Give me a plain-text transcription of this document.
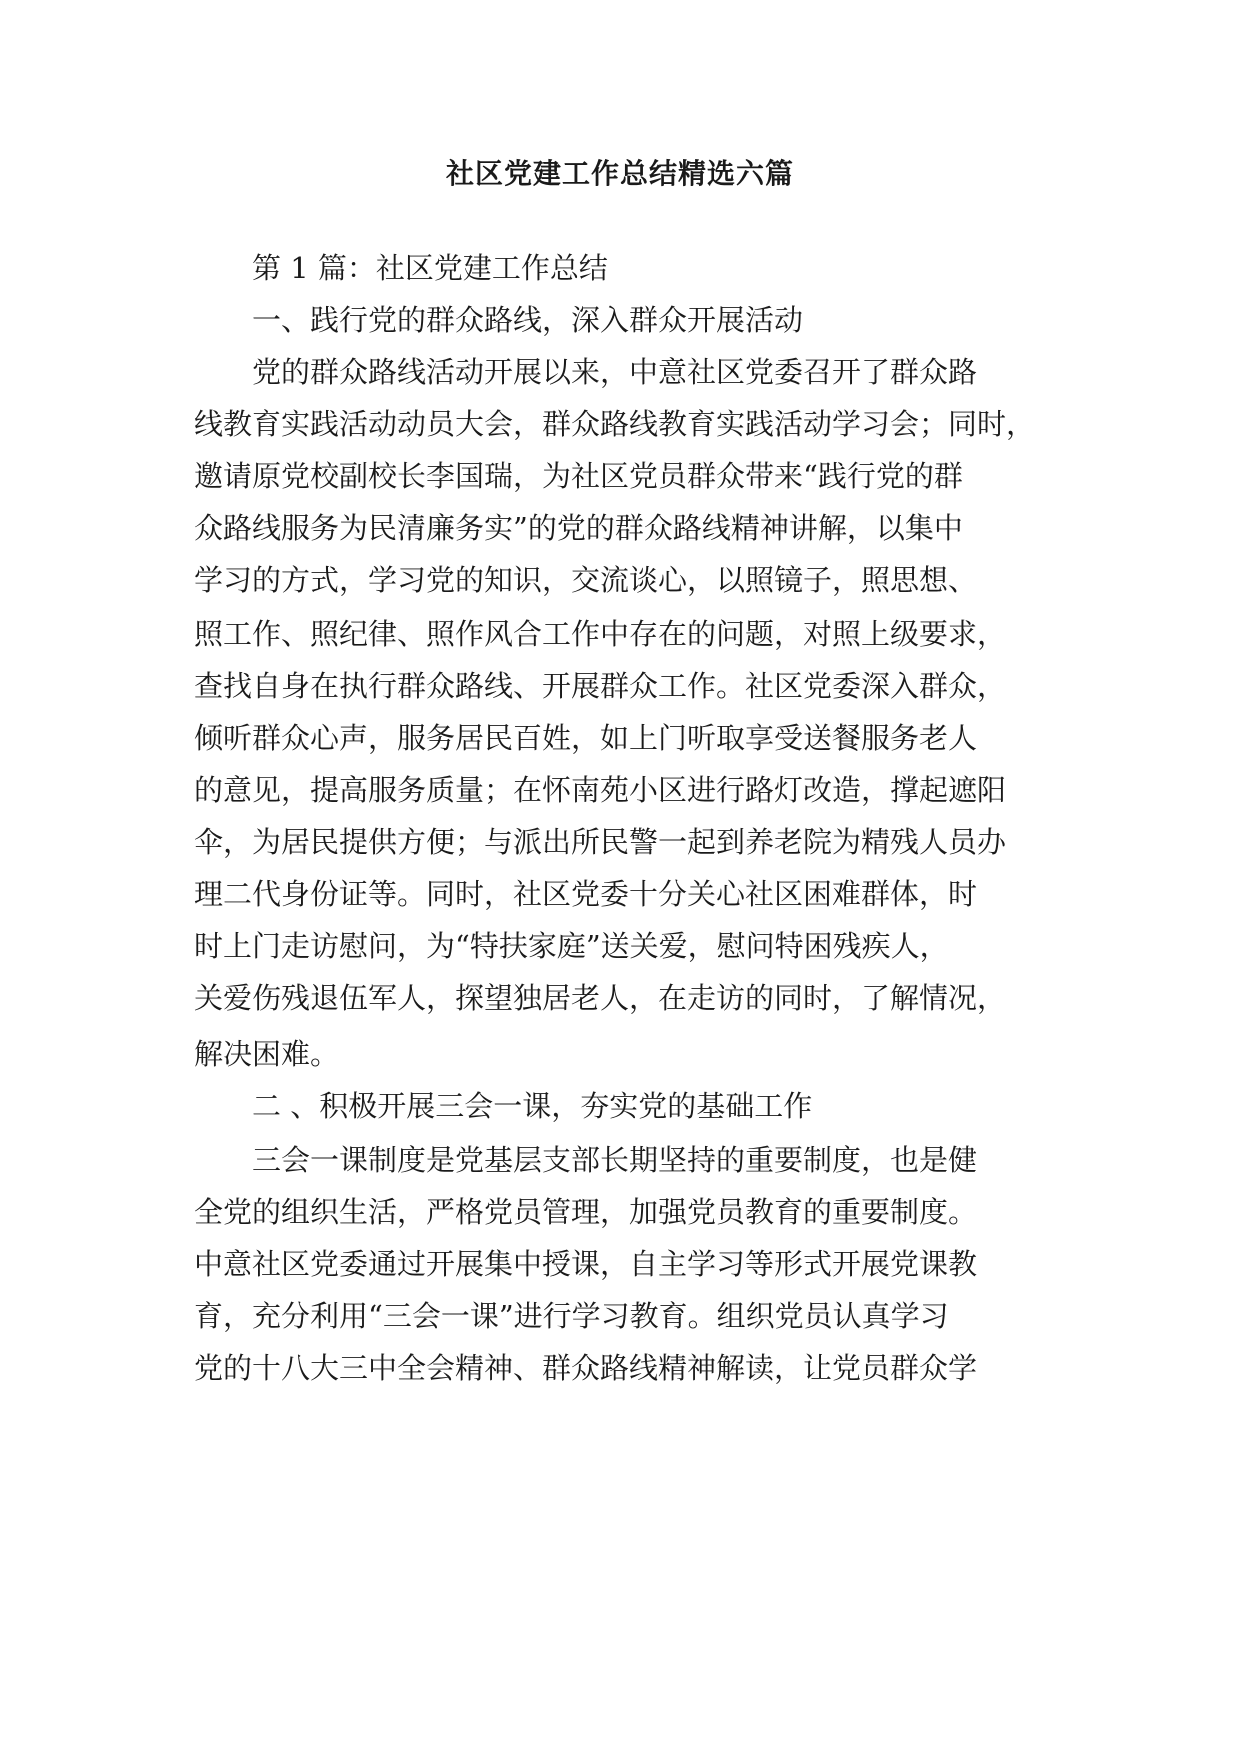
社区党建工作总结精选六篇
第 1 篇：社区党建工作总结
一、践行党的群众路线，深入群众开展活动
党的群众路线活动开展以来，中意社区党委召开了群众路
线教育实践活动动员大会，群众路线教育实践活动学习会；同时，
邀请原党校副校长李国瑞，为社区党员群众带来“践行党的群
众路线服务为民清廉务实”的党的群众路线精神讲解，以集中
学习的方式，学习党的知识，交流谈心，以照镜子，照思想、
照工作、照纪律、照作风合工作中存在的问题，对照上级要求，
查找自身在执行群众路线、开展群众工作。社区党委深入群众，
倾听群众心声，服务居民百姓，如上门听取享受送餐服务老人
的意见，提高服务质量；在怀南苑小区进行路灯改造，撑起遮阳
伞，为居民提供方便；与派出所民警一起到养老院为精残人员办
理二代身份证等。同时，社区党委十分关心社区困难群体，时
时上门走访慰问，为“特扶家庭”送关爱，慰问特困残疾人，
关爱伤残退伍军人，探望独居老人，在走访的同时，了解情况，
解决困难。
二 、积极开展三会一课，夯实党的基础工作
三会一课制度是党基层支部长期坚持的重要制度，也是健
全党的组织生活，严格党员管理，加强党员教育的重要制度。
中意社区党委通过开展集中授课，自主学习等形式开展党课教
育，充分利用“三会一课”进行学习教育。组织党员认真学习
党的十八大三中全会精神、群众路线精神解读，让党员群众学
